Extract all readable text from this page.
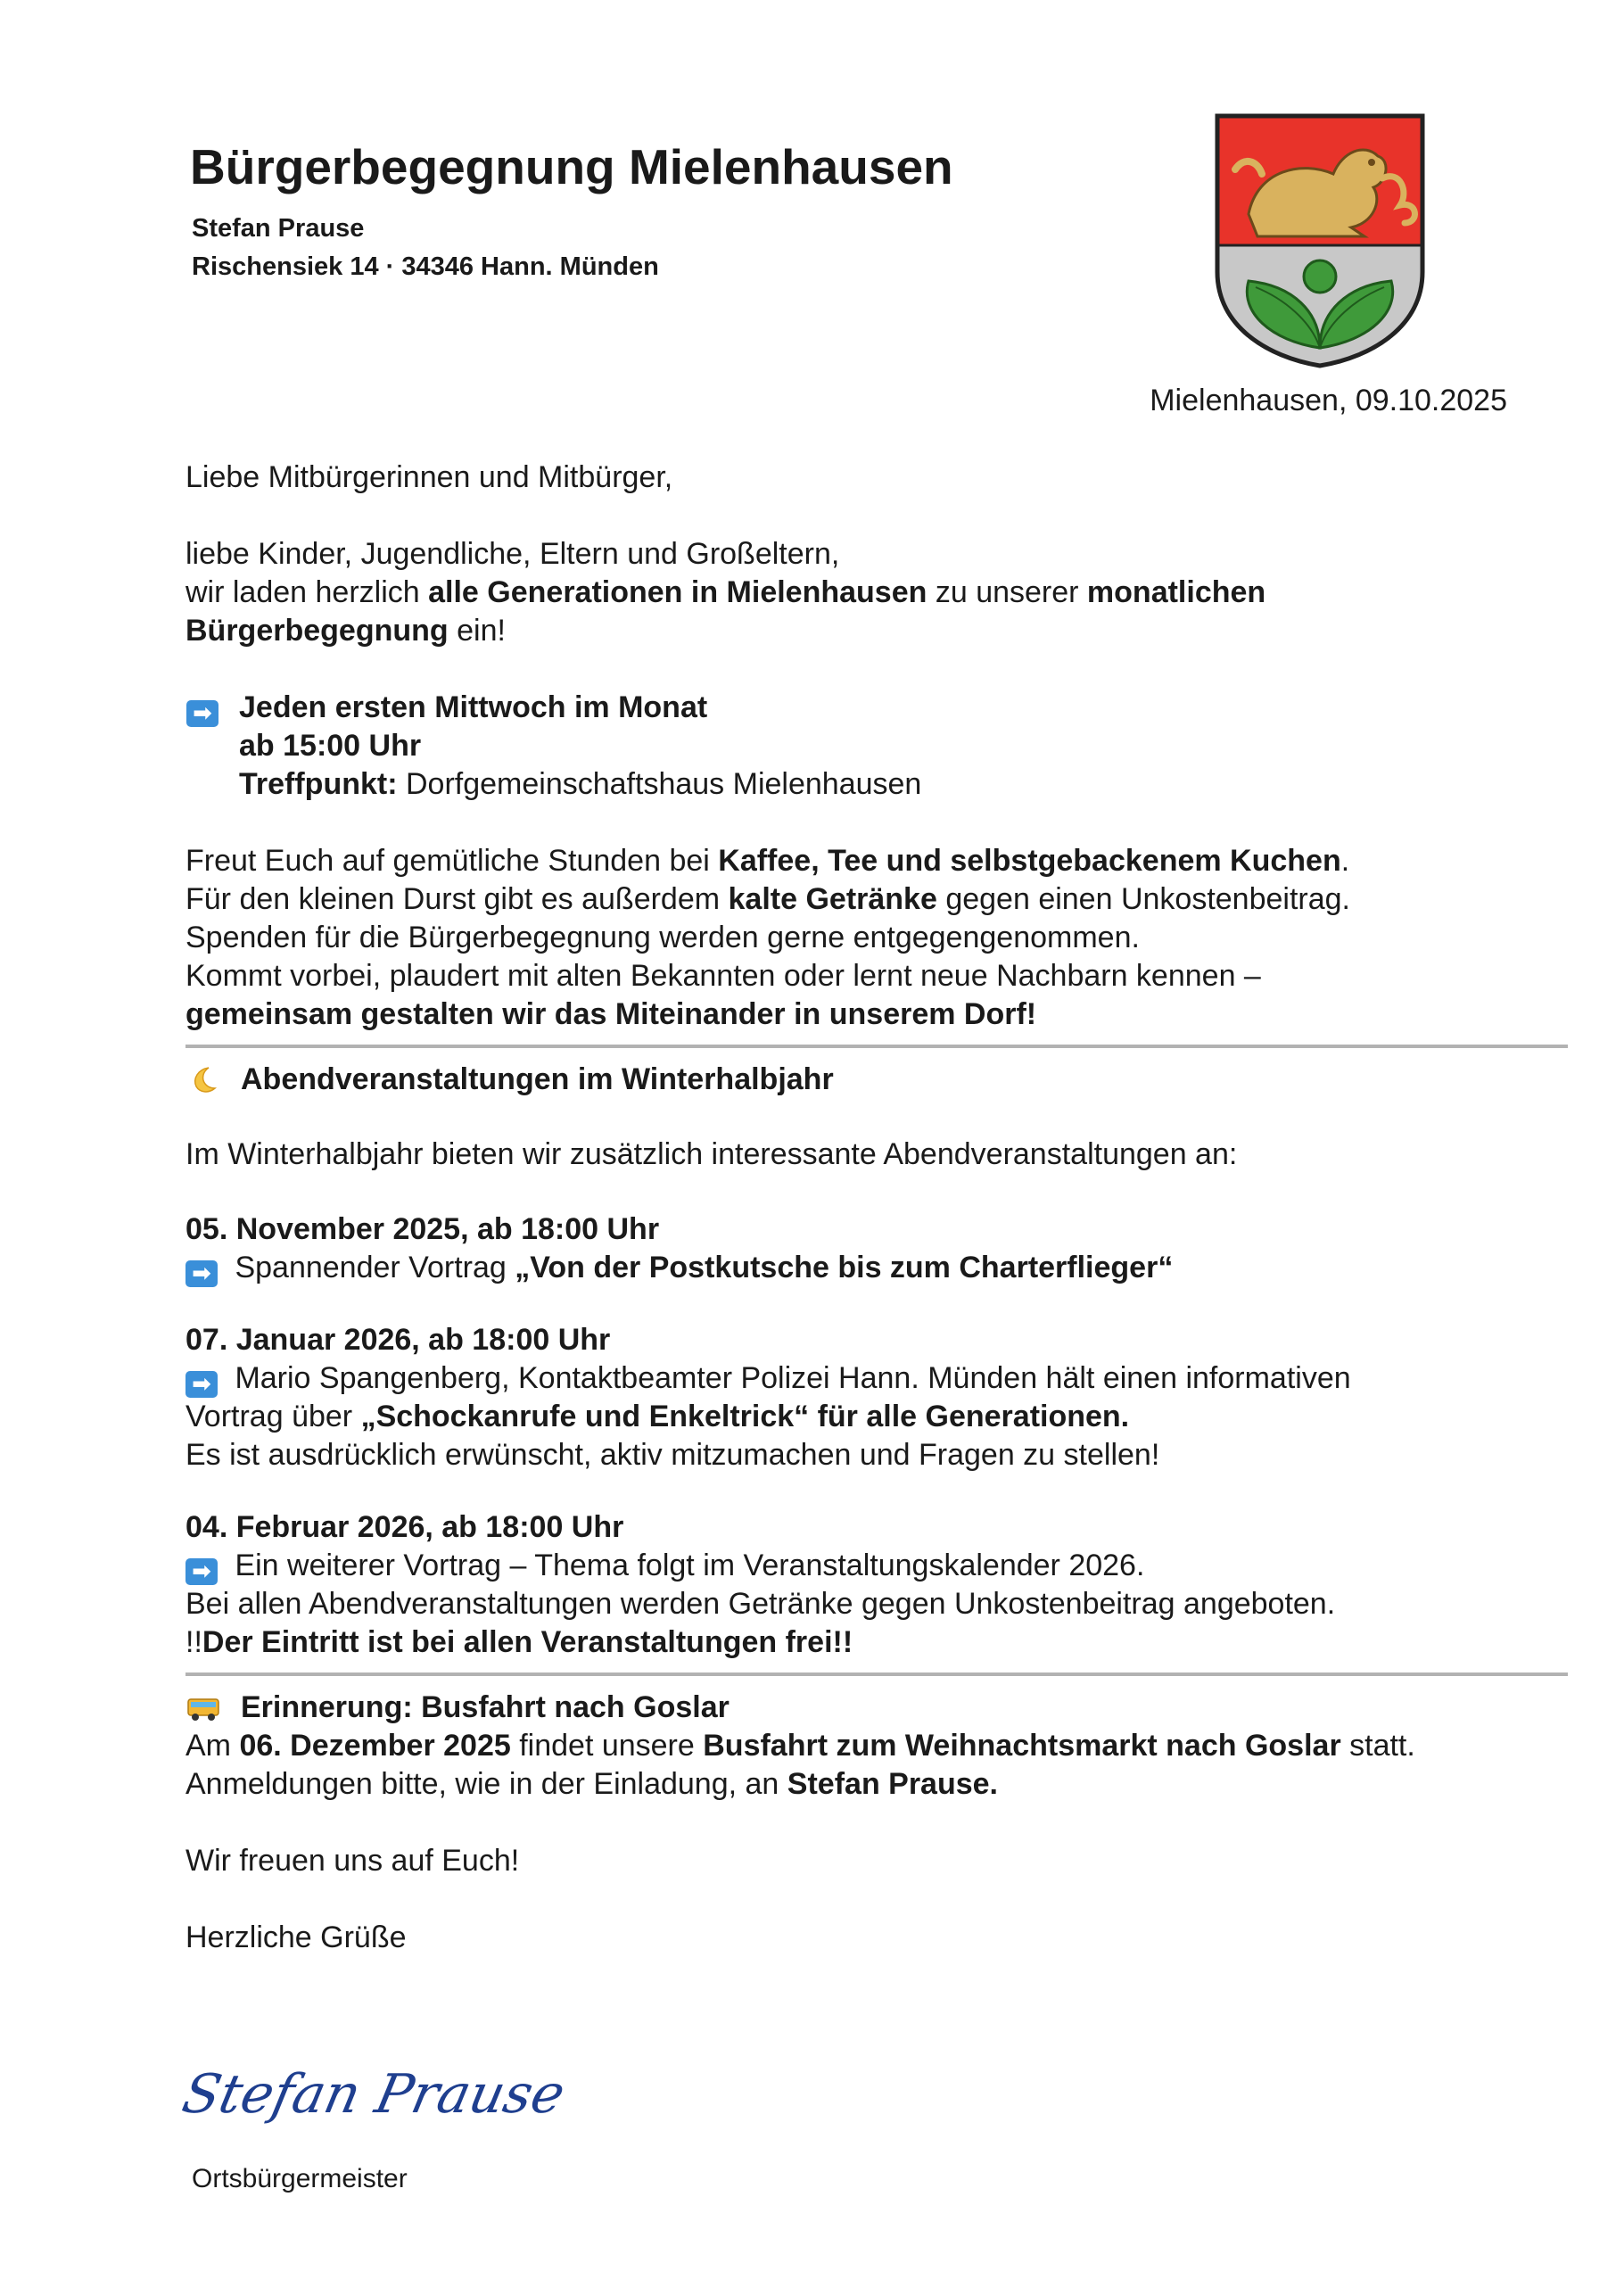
Bürgerbegegnung Mielenhausen
Stefan Prause
Rischensiek 14 · 34346 Hann. Münden
Mielenhausen, 09.10.2025

Liebe Mitbürgerinnen und Mitbürger,

liebe Kinder, Jugendliche, Eltern und Großeltern,

wir laden herzlich alle Generationen in Mielenhausen zu unserer monatlichen

Bürgerbegegnung ein!

➡ Jeden ersten Mittwoch im Monat

ab 15:00 Uhr

Treffpunkt: Dorfgemeinschaftshaus Mielenhausen

Freut Euch auf gemütliche Stunden bei Kaffee, Tee und selbstgebackenem Kuchen.

Für den kleinen Durst gibt es außerdem kalte Getränke gegen einen Unkostenbeitrag.

Spenden für die Bürgerbegegnung werden gerne entgegengenommen.

Kommt vorbei, plaudert mit alten Bekannten oder lernt neue Nachbarn kennen –

gemeinsam gestalten wir das Miteinander in unserem Dorf!

Abendveranstaltungen im Winterhalbjahr

Im Winterhalbjahr bieten wir zusätzlich interessante Abendveranstaltungen an:

05. November 2025, ab 18:00 Uhr

➡ Spannender Vortrag „Von der Postkutsche bis zum Charterflieger“

07. Januar 2026, ab 18:00 Uhr

➡ Mario Spangenberg, Kontaktbeamter Polizei Hann. Münden hält einen informativen

Vortrag über „Schockanrufe und Enkeltrick“ für alle Generationen.

Es ist ausdrücklich erwünscht, aktiv mitzumachen und Fragen zu stellen!

04. Februar 2026, ab 18:00 Uhr

➡ Ein weiterer Vortrag – Thema folgt im Veranstaltungskalender 2026.

Bei allen Abendveranstaltungen werden Getränke gegen Unkostenbeitrag angeboten.

!!Der Eintritt ist bei allen Veranstaltungen frei!!

Erinnerung: Busfahrt nach Goslar

Am 06. Dezember 2025 findet unsere Busfahrt zum Weihnachtsmarkt nach Goslar statt.

Anmeldungen bitte, wie in der Einladung, an Stefan Prause.

Wir freuen uns auf Euch!

Herzliche Grüße

Stefan Prause
Ortsbürgermeister
